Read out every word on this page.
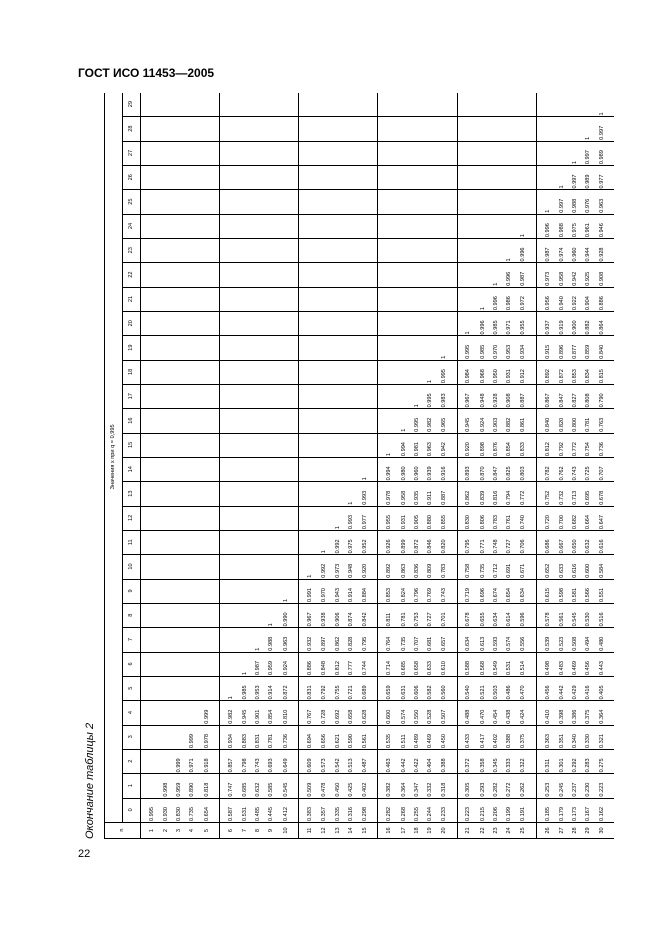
ГОСТ ИСО 11453—2005
Окончание таблицы 2	n	Значения x при q = 0,995																													
	0	1	2	3	4	5	6	7	8	9	10	11	12	13	14	15	16	17	18	19	20	21	22	23	24	25	26	27	28	29
1	0.995																													
2	0.930	0.998																												
3	0.830	0.959	0.999																											
4	0.735	0.890	0.971	0.999																										
5	0.654	0.818	0.918	0.978	0.999																									
6	0.587	0.747	0.857	0.934	0.982	1																								
7	0.531	0.685	0.798	0.883	0.945	0.985	1																							
8	0.485	0.632	0.743	0.831	0.901	0.953	0.987	1																						
9	0.445	0.585	0.693	0.781	0.854	0.914	0.959	0.988	1																					
10	0.412	0.545	0.649	0.736	0.810	0.872	0.924	0.963	0.990	1																				
11	0.383	0.509	0.609	0.694	0.767	0.831	0.886	0.932	0.967	0.991	1																			
12	0.357	0.478	0.573	0.656	0.728	0.792	0.848	0.897	0.938	0.970	0.992	1																		
13	0.335	0.450	0.542	0.621	0.692	0.755	0.812	0.862	0.906	0.943	0.973	0.992	1																	
14	0.316	0.425	0.513	0.590	0.658	0.721	0.777	0.828	0.874	0.914	0.948	0.975	0.993	1																
15	0.298	0.402	0.487	0.561	0.628	0.689	0.744	0.795	0.842	0.884	0.920	0.952	0.977	0.993	1															
16	0.282	0.382	0.463	0.535	0.600	0.659	0.714	0.764	0.811	0.853	0.892	0.926	0.955	0.978	0.994	1														
17	0.268	0.364	0.442	0.511	0.574	0.631	0.685	0.735	0.781	0.824	0.863	0.899	0.931	0.958	0.980	0.994	1													
18	0.255	0.347	0.422	0.489	0.550	0.606	0.658	0.707	0.753	0.796	0.836	0.872	0.905	0.935	0.960	0.981	0.995	1												
19	0.244	0.332	0.404	0.469	0.528	0.582	0.633	0.681	0.727	0.769	0.809	0.846	0.880	0.911	0.939	0.963	0.982	0.995	1											
20	0.233	0.318	0.388	0.450	0.507	0.560	0.610	0.657	0.701	0.743	0.783	0.820	0.855	0.887	0.916	0.942	0.965	0.983	0.995	1										
21	0.223	0.305	0.372	0.433	0.488	0.540	0.588	0.634	0.678	0.719	0.758	0.795	0.830	0.862	0.893	0.920	0.945	0.967	0.984	0.995	1									
22	0.215	0.293	0.358	0.417	0.470	0.521	0.568	0.613	0.655	0.696	0.735	0.771	0.806	0.839	0.870	0.898	0.924	0.948	0.968	0.985	0.996	1								
23	0.206	0.282	0.345	0.402	0.454	0.503	0.549	0.593	0.634	0.674	0.712	0.748	0.783	0.816	0.847	0.876	0.903	0.928	0.950	0.970	0.985	0.996	1							
24	0.199	0.272	0.333	0.388	0.438	0.486	0.531	0.574	0.614	0.654	0.691	0.727	0.761	0.794	0.825	0.854	0.882	0.908	0.931	0.953	0.971	0.986	0.996	1						
25	0.191	0.262	0.322	0.375	0.424	0.470	0.514	0.556	0.596	0.634	0.671	0.706	0.740	0.772	0.803	0.833	0.861	0.887	0.912	0.934	0.955	0.972	0.987	0.996	1					
26	0.185	0.253	0.311	0.363	0.410	0.456	0.498	0.539	0.578	0.615	0.652	0.686	0.720	0.752	0.782	0.812	0.840	0.867	0.892	0.915	0.937	0.956	0.973	0.987	0.996	1				
27	0.179	0.245	0.301	0.351	0.398	0.442	0.483	0.523	0.561	0.598	0.633	0.667	0.700	0.732	0.762	0.792	0.820	0.847	0.872	0.896	0.919	0.940	0.958	0.974	0.988	0.997	1			
28	0.173	0.237	0.292	0.340	0.386	0.429	0.469	0.508	0.545	0.581	0.616	0.650	0.682	0.713	0.743	0.772	0.800	0.827	0.853	0.877	0.900	0.922	0.942	0.960	0.975	0.988	0.997	1		
29	0.167	0.230	0.283	0.330	0.375	0.416	0.456	0.494	0.530	0.566	0.600	0.632	0.664	0.695	0.725	0.754	0.781	0.808	0.834	0.859	0.882	0.904	0.925	0.944	0.961	0.976	0.989	0.997	1	
30	0.162	0.223	0.275	0.321	0.364	0.405	0.443	0.480	0.516	0.551	0.584	0.616	0.647	0.678	0.707	0.736	0.763	0.790	0.815	0.840	0.864	0.886	0.908	0.928	0.946	0.963	0.977	0.989	0.997	1
22
